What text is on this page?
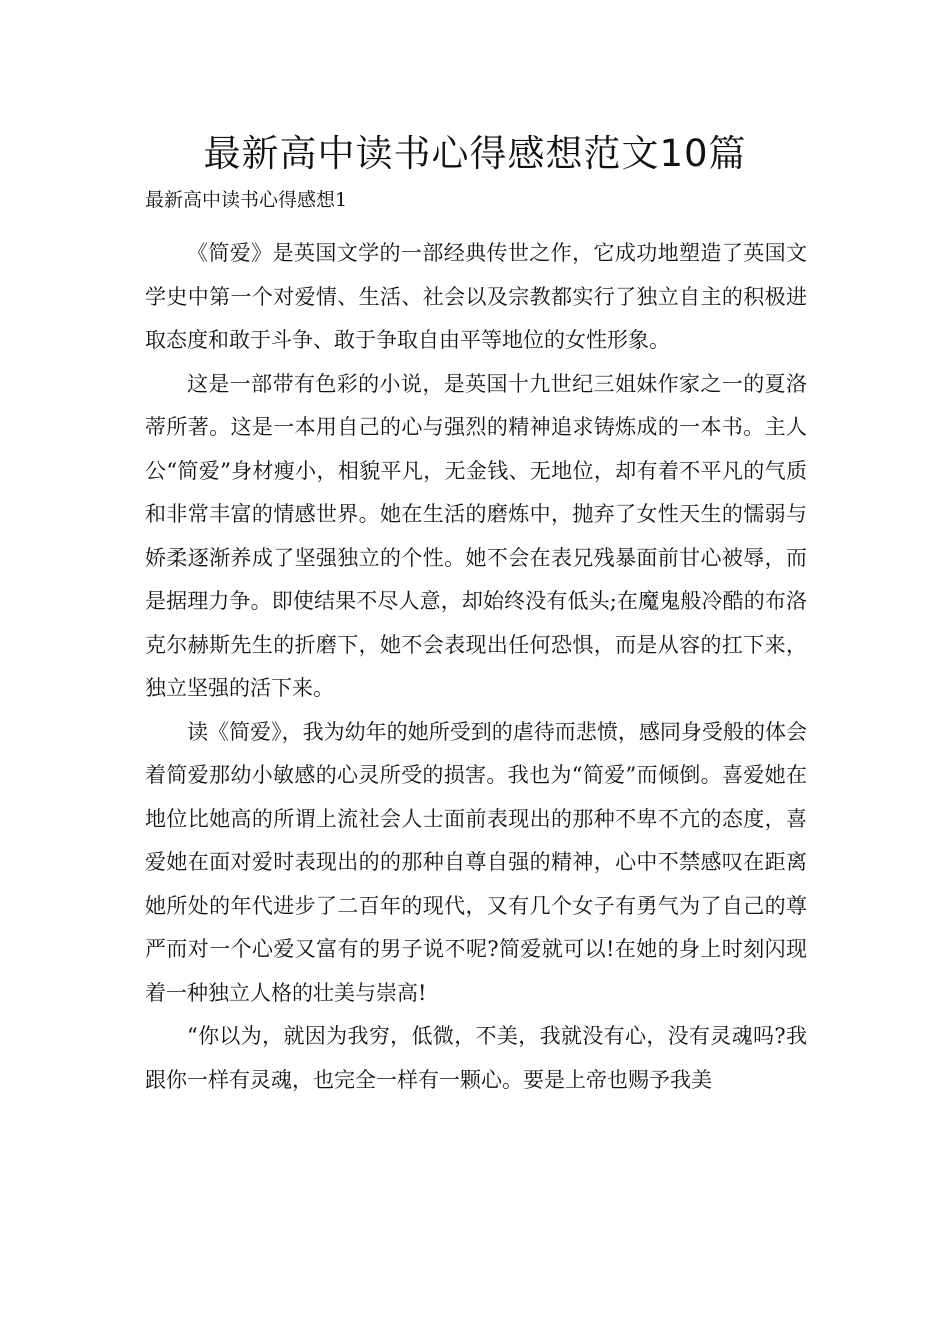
最新高中读书心得感想范文10篇

最新高中读书心得感想1

《简爱》是英国文学的一部经典传世之作，它成功地塑造了英国文学史中第一个对爱情、生活、社会以及宗教都实行了独立自主的积极进取态度和敢于斗争、敢于争取自由平等地位的女性形象。

这是一部带有色彩的小说，是英国十九世纪三姐妹作家之一的夏洛蒂所著。这是一本用自己的心与强烈的精神追求铸炼成的一本书。主人公“简爱”身材瘦小，相貌平凡，无金钱、无地位，却有着不平凡的气质和非常丰富的情感世界。她在生活的磨炼中，抛弃了女性天生的懦弱与娇柔逐渐养成了坚强独立的个性。她不会在表兄残暴面前甘心被辱，而是据理力争。即使结果不尽人意，却始终没有低头;在魔鬼般冷酷的布洛克尔赫斯先生的折磨下，她不会表现出任何恐惧，而是从容的扛下来，独立坚强的活下来。

读《简爱》，我为幼年的她所受到的虐待而悲愤，感同身受般的体会着简爱那幼小敏感的心灵所受的损害。我也为“简爱”而倾倒。喜爱她在地位比她高的所谓上流社会人士面前表现出的那种不卑不亢的态度，喜爱她在面对爱时表现出的的那种自尊自强的精神，心中不禁感叹在距离她所处的年代进步了二百年的现代，又有几个女子有勇气为了自己的尊严而对一个心爱又富有的男子说不呢?简爱就可以!在她的身上时刻闪现着一种独立人格的壮美与崇高!

“你以为，就因为我穷，低微，不美，我就没有心，没有灵魂吗?我跟你一样有灵魂，也完全一样有一颗心。要是上帝也赐予我美
